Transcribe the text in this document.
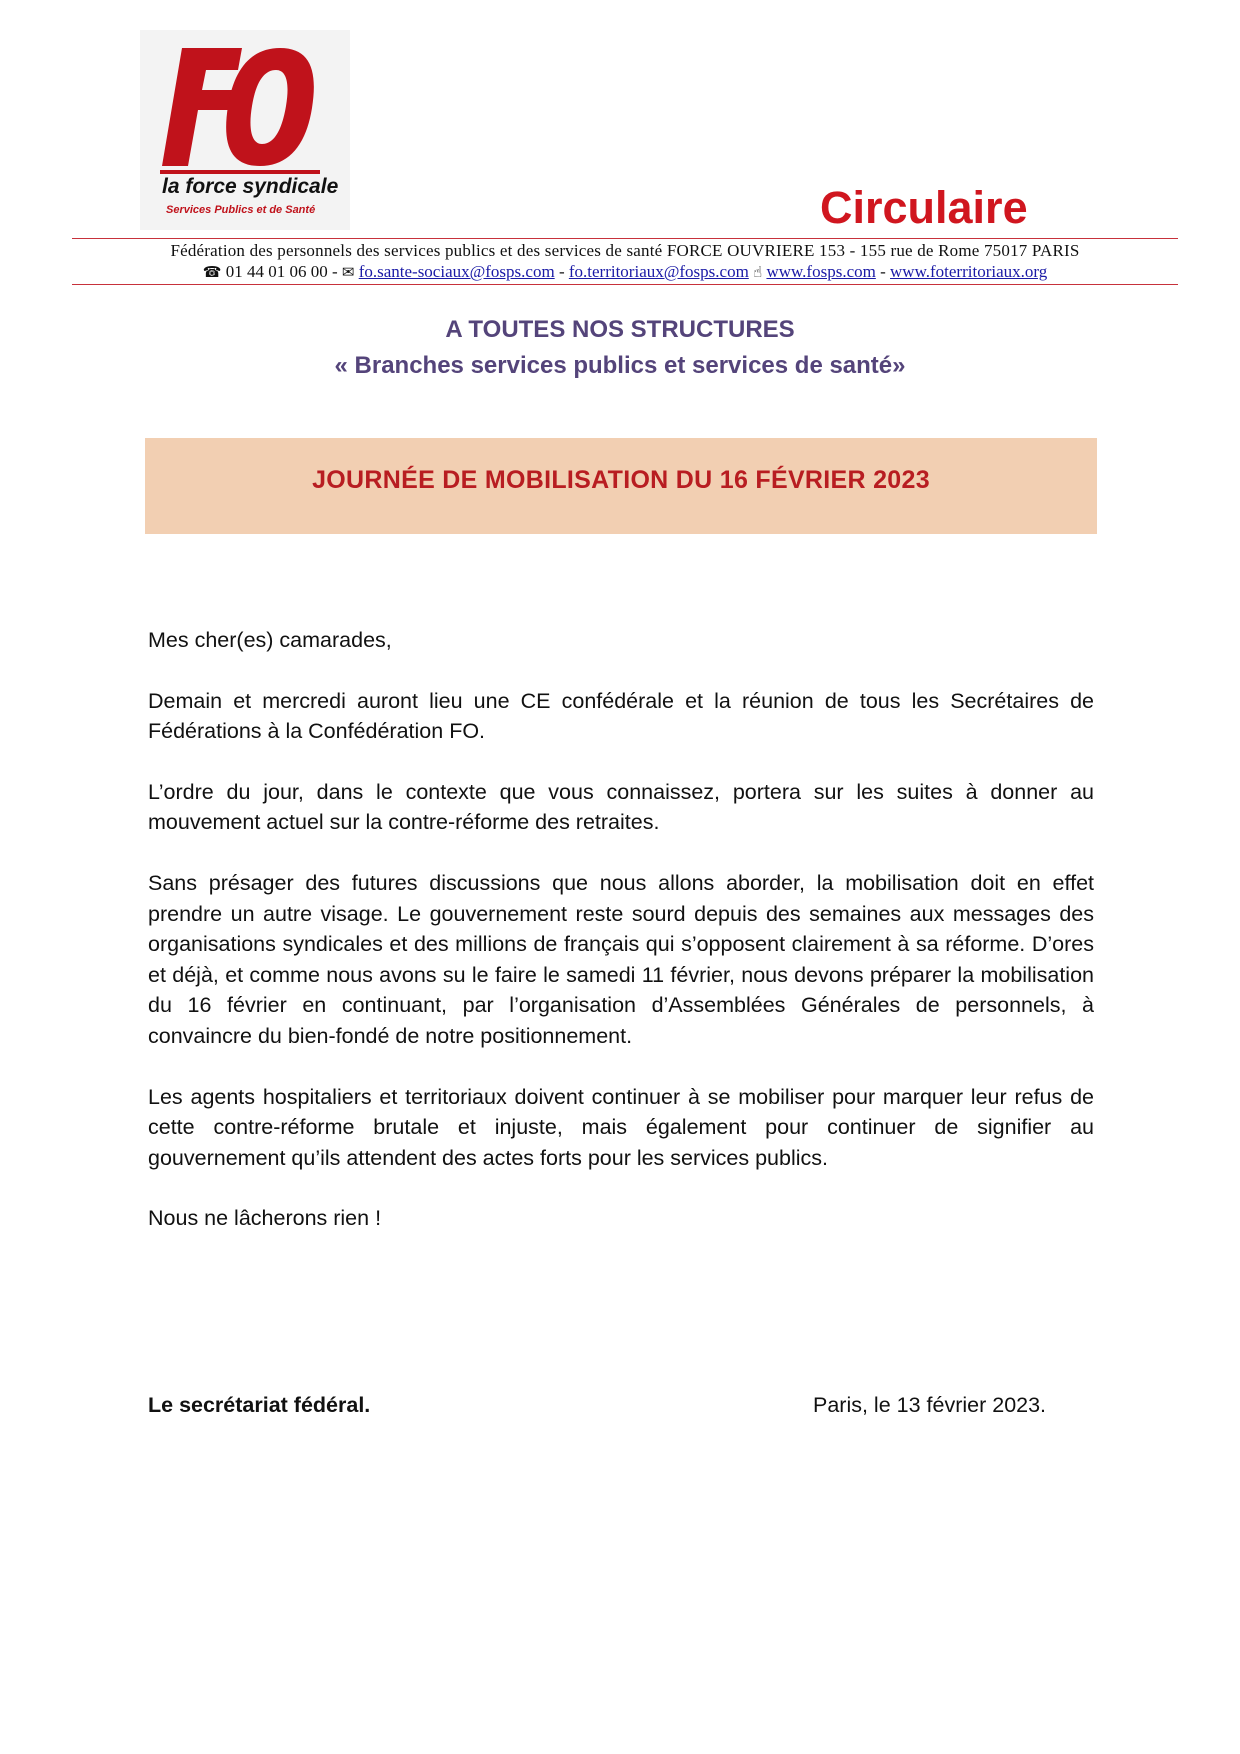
la force syndicale
Services Publics et de Santé	Circulaire
Fédération des personnels des services publics et des services de santé FORCE OUVRIERE 153 - 155 rue de Rome 75017 PARIS
☎ 01 44 01 06 00 - ✉ fo.sante-sociaux@fosps.com - fo.territoriaux@fosps.com ☝ www.fosps.com - www.foterritoriaux.org
A TOUTES NOS STRUCTURES
« Branches services publics et services de santé»
JOURNÉE DE MOBILISATION DU 16 FÉVRIER 2023

Mes cher(es) camarades,

Demain et mercredi auront lieu une CE confédérale et la réunion de tous les Secrétaires de Fédérations à la Confédération FO.

L’ordre du jour, dans le contexte que vous connaissez, portera sur les suites à donner au mouvement actuel sur la contre-réforme des retraites.

Sans présager des futures discussions que nous allons aborder, la mobilisation doit en effet prendre un autre visage. Le gouvernement reste sourd depuis des semaines aux messages des organisations syndicales et des millions de français qui s’opposent clairement à sa réforme. D’ores et déjà, et comme nous avons su le faire le samedi 11 février, nous devons préparer la mobilisation du 16 février en continuant, par l’organisation d’Assemblées Générales de personnels, à convaincre du bien-fondé de notre positionnement.

Les agents hospitaliers et territoriaux doivent continuer à se mobiliser pour marquer leur refus de cette contre-réforme brutale et injuste, mais également pour continuer de signifier au gouvernement qu’ils attendent des actes forts pour les services publics.

Nous ne lâcherons rien !

Le secrétariat fédéral.	Paris, le 13 février 2023.
